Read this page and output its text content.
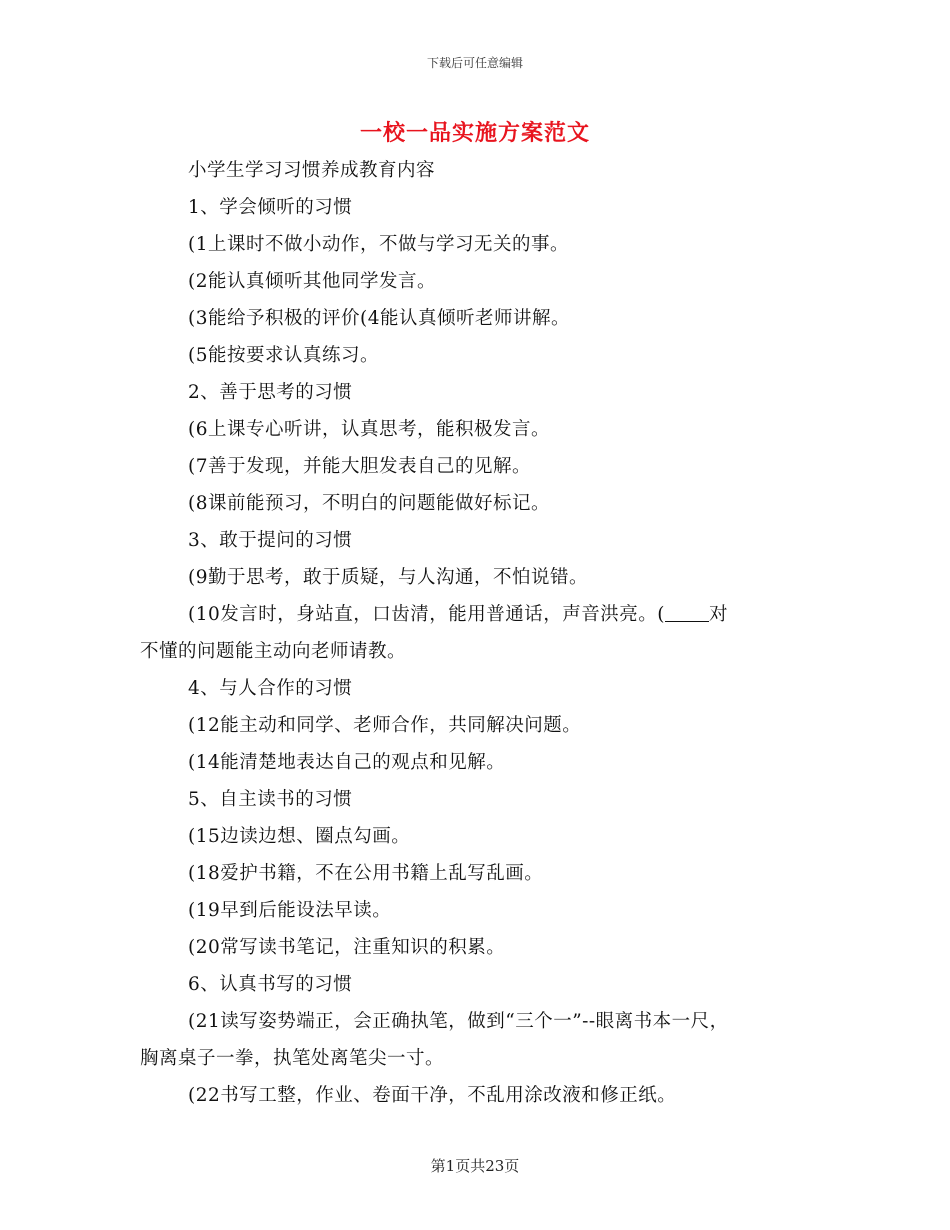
下载后可任意编辑
一校一品实施方案范文
小学生学习习惯养成教育内容
1、学会倾听的习惯
(1上课时不做小动作，不做与学习无关的事。
(2能认真倾听其他同学发言。
(3能给予积极的评价(4能认真倾听老师讲解。
(5能按要求认真练习。
2、善于思考的习惯
(6上课专心听讲，认真思考，能积极发言。
(7善于发现，并能大胆发表自己的见解。
(8课前能预习，不明白的问题能做好标记。
3、敢于提问的习惯
(9勤于思考，敢于质疑，与人沟通，不怕说错。
(10发言时，身站直，口齿清，能用普通话，声音洪亮。( 对
不懂的问题能主动向老师请教。
4、与人合作的习惯
(12能主动和同学、老师合作，共同解决问题。
(14能清楚地表达自己的观点和见解。
5、自主读书的习惯
(15边读边想、圈点勾画。
(18爱护书籍，不在公用书籍上乱写乱画。
(19早到后能设法早读。
(20常写读书笔记，注重知识的积累。
6、认真书写的习惯
(21读写姿势端正，会正确执笔，做到“三个一”--眼离书本一尺，
胸离桌子一拳，执笔处离笔尖一寸。
(22书写工整，作业、卷面干净，不乱用涂改液和修正纸。
第1页共23页
